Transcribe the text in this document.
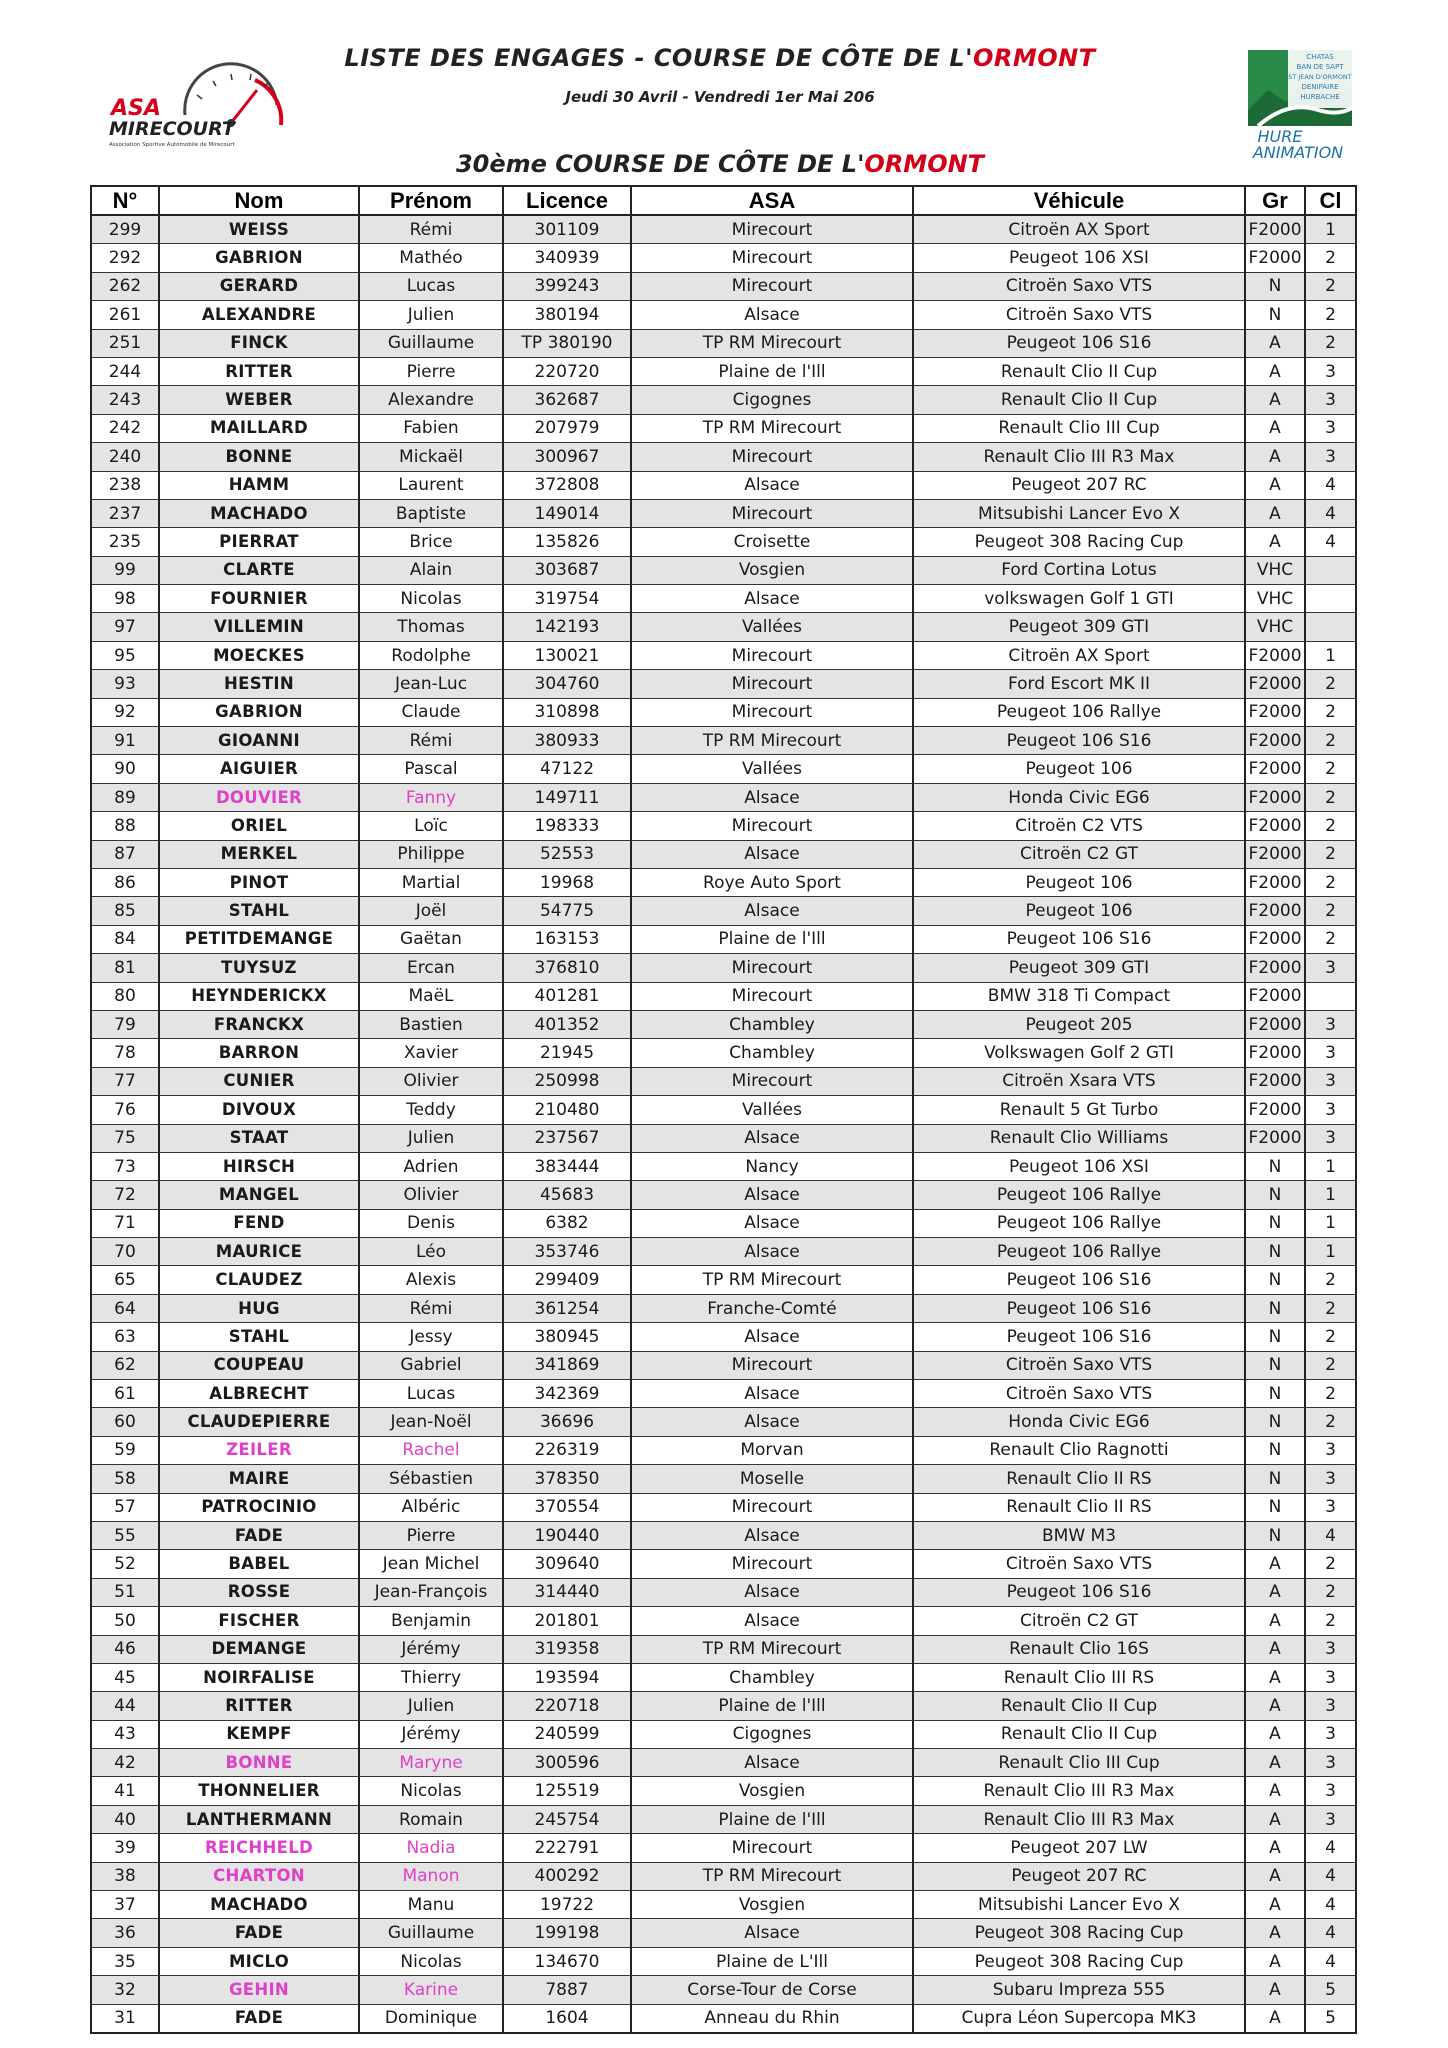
ASA
MIRECOURT
Association Sportive Automobile de Mirecourt
LISTE DES ENGAGES - COURSE DE CÔTE DE L'ORMONT
Jeudi 30 Avril - Vendredi 1er Mai 206
30ème COURSE DE CÔTE DE L'ORMONT
CHATAS
BAN DE SAPT
ST JEAN D'ORMONT
DENIPAIRE
HURBACHE
HURE
ANIMATION
N°	Nom	Prénom	Licence	ASA	Véhicule	Gr	Cl
299	WEISS	Rémi	301109	Mirecourt	Citroën AX Sport	F2000	1
292	GABRION	Mathéo	340939	Mirecourt	Peugeot 106 XSI	F2000	2
262	GERARD	Lucas	399243	Mirecourt	Citroën Saxo VTS	N	2
261	ALEXANDRE	Julien	380194	Alsace	Citroën Saxo VTS	N	2
251	FINCK	Guillaume	TP 380190	TP RM Mirecourt	Peugeot 106 S16	A	2
244	RITTER	Pierre	220720	Plaine de l'Ill	Renault Clio II Cup	A	3
243	WEBER	Alexandre	362687	Cigognes	Renault Clio II Cup	A	3
242	MAILLARD	Fabien	207979	TP RM Mirecourt	Renault Clio III Cup	A	3
240	BONNE	Mickaël	300967	Mirecourt	Renault Clio III R3 Max	A	3
238	HAMM	Laurent	372808	Alsace	Peugeot 207 RC	A	4
237	MACHADO	Baptiste	149014	Mirecourt	Mitsubishi Lancer Evo X	A	4
235	PIERRAT	Brice	135826	Croisette	Peugeot 308 Racing Cup	A	4
99	CLARTE	Alain	303687	Vosgien	Ford Cortina Lotus	VHC	
98	FOURNIER	Nicolas	319754	Alsace	volkswagen Golf 1 GTI	VHC	
97	VILLEMIN	Thomas	142193	Vallées	Peugeot 309 GTI	VHC	
95	MOECKES	Rodolphe	130021	Mirecourt	Citroën AX Sport	F2000	1
93	HESTIN	Jean-Luc	304760	Mirecourt	Ford Escort MK II	F2000	2
92	GABRION	Claude	310898	Mirecourt	Peugeot 106 Rallye	F2000	2
91	GIOANNI	Rémi	380933	TP RM Mirecourt	Peugeot 106 S16	F2000	2
90	AIGUIER	Pascal	47122	Vallées	Peugeot 106	F2000	2
89	DOUVIER	Fanny	149711	Alsace	Honda Civic EG6	F2000	2
88	ORIEL	Loïc	198333	Mirecourt	Citroën C2 VTS	F2000	2
87	MERKEL	Philippe	52553	Alsace	Citroën C2 GT	F2000	2
86	PINOT	Martial	19968	Roye Auto Sport	Peugeot 106	F2000	2
85	STAHL	Joël	54775	Alsace	Peugeot 106	F2000	2
84	PETITDEMANGE	Gaëtan	163153	Plaine de l'Ill	Peugeot 106 S16	F2000	2
81	TUYSUZ	Ercan	376810	Mirecourt	Peugeot 309 GTI	F2000	3
80	HEYNDERICKX	MaëL	401281	Mirecourt	BMW 318 Ti Compact	F2000	
79	FRANCKX	Bastien	401352	Chambley	Peugeot 205	F2000	3
78	BARRON	Xavier	21945	Chambley	Volkswagen Golf 2 GTI	F2000	3
77	CUNIER	Olivier	250998	Mirecourt	Citroën Xsara VTS	F2000	3
76	DIVOUX	Teddy	210480	Vallées	Renault 5 Gt Turbo	F2000	3
75	STAAT	Julien	237567	Alsace	Renault Clio Williams	F2000	3
73	HIRSCH	Adrien	383444	Nancy	Peugeot 106 XSI	N	1
72	MANGEL	Olivier	45683	Alsace	Peugeot 106 Rallye	N	1
71	FEND	Denis	6382	Alsace	Peugeot 106 Rallye	N	1
70	MAURICE	Léo	353746	Alsace	Peugeot 106 Rallye	N	1
65	CLAUDEZ	Alexis	299409	TP RM Mirecourt	Peugeot 106 S16	N	2
64	HUG	Rémi	361254	Franche-Comté	Peugeot 106 S16	N	2
63	STAHL	Jessy	380945	Alsace	Peugeot 106 S16	N	2
62	COUPEAU	Gabriel	341869	Mirecourt	Citroën Saxo VTS	N	2
61	ALBRECHT	Lucas	342369	Alsace	Citroën Saxo VTS	N	2
60	CLAUDEPIERRE	Jean-Noël	36696	Alsace	Honda Civic EG6	N	2
59	ZEILER	Rachel	226319	Morvan	Renault Clio Ragnotti	N	3
58	MAIRE	Sébastien	378350	Moselle	Renault Clio II RS	N	3
57	PATROCINIO	Albéric	370554	Mirecourt	Renault Clio II RS	N	3
55	FADE	Pierre	190440	Alsace	BMW M3	N	4
52	BABEL	Jean Michel	309640	Mirecourt	Citroën Saxo VTS	A	2
51	ROSSE	Jean-François	314440	Alsace	Peugeot 106 S16	A	2
50	FISCHER	Benjamin	201801	Alsace	Citroën C2 GT	A	2
46	DEMANGE	Jérémy	319358	TP RM Mirecourt	Renault Clio 16S	A	3
45	NOIRFALISE	Thierry	193594	Chambley	Renault Clio III RS	A	3
44	RITTER	Julien	220718	Plaine de l'Ill	Renault Clio II Cup	A	3
43	KEMPF	Jérémy	240599	Cigognes	Renault Clio II Cup	A	3
42	BONNE	Maryne	300596	Alsace	Renault Clio III Cup	A	3
41	THONNELIER	Nicolas	125519	Vosgien	Renault Clio III R3 Max	A	3
40	LANTHERMANN	Romain	245754	Plaine de l'Ill	Renault Clio III R3 Max	A	3
39	REICHHELD	Nadia	222791	Mirecourt	Peugeot 207 LW	A	4
38	CHARTON	Manon	400292	TP RM Mirecourt	Peugeot 207 RC	A	4
37	MACHADO	Manu	19722	Vosgien	Mitsubishi Lancer Evo X	A	4
36	FADE	Guillaume	199198	Alsace	Peugeot 308 Racing Cup	A	4
35	MICLO	Nicolas	134670	Plaine de L'Ill	Peugeot 308 Racing Cup	A	4
32	GEHIN	Karine	7887	Corse-Tour de Corse	Subaru Impreza 555	A	5
31	FADE	Dominique	1604	Anneau du Rhin	Cupra Léon Supercopa MK3	A	5
